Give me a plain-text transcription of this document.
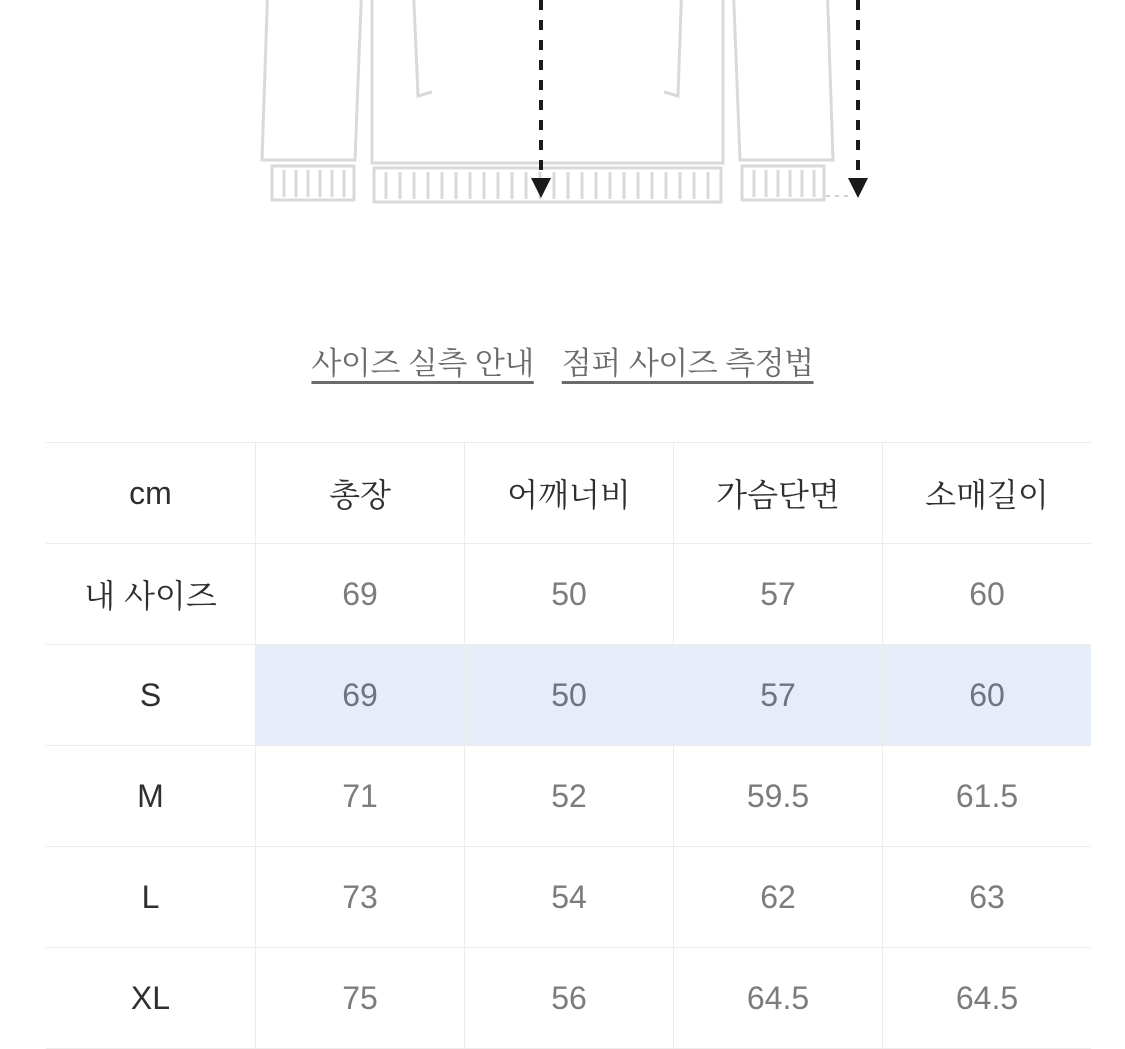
사이즈 실측 안내 점퍼 사이즈 측정법
cm	총장	어깨너비	가슴단면	소매길이
내 사이즈	69	50	57	60
S	69	50	57	60
M	71	52	59.5	61.5
L	73	54	62	63
XL	75	56	64.5	64.5
